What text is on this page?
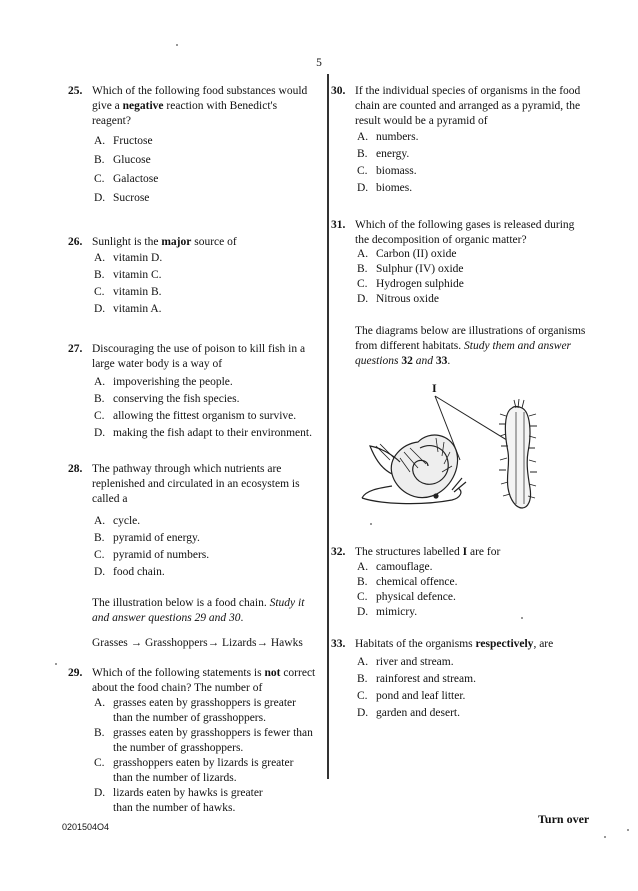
5
25. Which of the following food substances would
give a negative reaction with Benedict's
reagent?
A. Fructose
B. Glucose
C. Galactose
D. Sucrose
26. Sunlight is the major source of
A. vitamin D.
B. vitamin C.
C. vitamin B.
D. vitamin A.
27. Discouraging the use of poison to kill fish in a
large water body is a way of
A. impoverishing the people.
B. conserving the fish species.
C. allowing the fittest organism to survive.
D. making the fish adapt to their environment.
28. The pathway through which nutrients are
replenished and circulated in an ecosystem is
called a
A. cycle.
B. pyramid of energy.
C. pyramid of numbers.
D. food chain.
The illustration below is a food chain. Study it
and answer questions 29 and 30.
Grasses → Grasshoppers→ Lizards→ Hawks
29. Which of the following statements is not correct
about the food chain? The number of
A. grasses eaten by grasshoppers is greater
than the number of grasshoppers.
B. grasses eaten by grasshoppers is fewer than
the number of grasshoppers.
C. grasshoppers eaten by lizards is greater
than the number of lizards.
D. lizards eaten by hawks is greater
than the number of hawks.
30. If the individual species of organisms in the food
chain are counted and arranged as a pyramid, the
result would be a pyramid of
A. numbers.
B. energy.
C. biomass.
D. biomes.
31. Which of the following gases is released during
the decomposition of organic matter?
A. Carbon (II) oxide
B. Sulphur (IV) oxide
C. Hydrogen sulphide
D. Nitrous oxide
The diagrams below are illustrations of organisms
from different habitats. Study them and answer
questions 32 and 33.
I
32. The structures labelled I are for
A. camouflage.
B. chemical offence.
C. physical defence.
D. mimicry.
33. Habitats of the organisms respectively, are
A. river and stream.
B. rainforest and stream.
C. pond and leaf litter.
D. garden and desert.
0201504O4
Turn over
